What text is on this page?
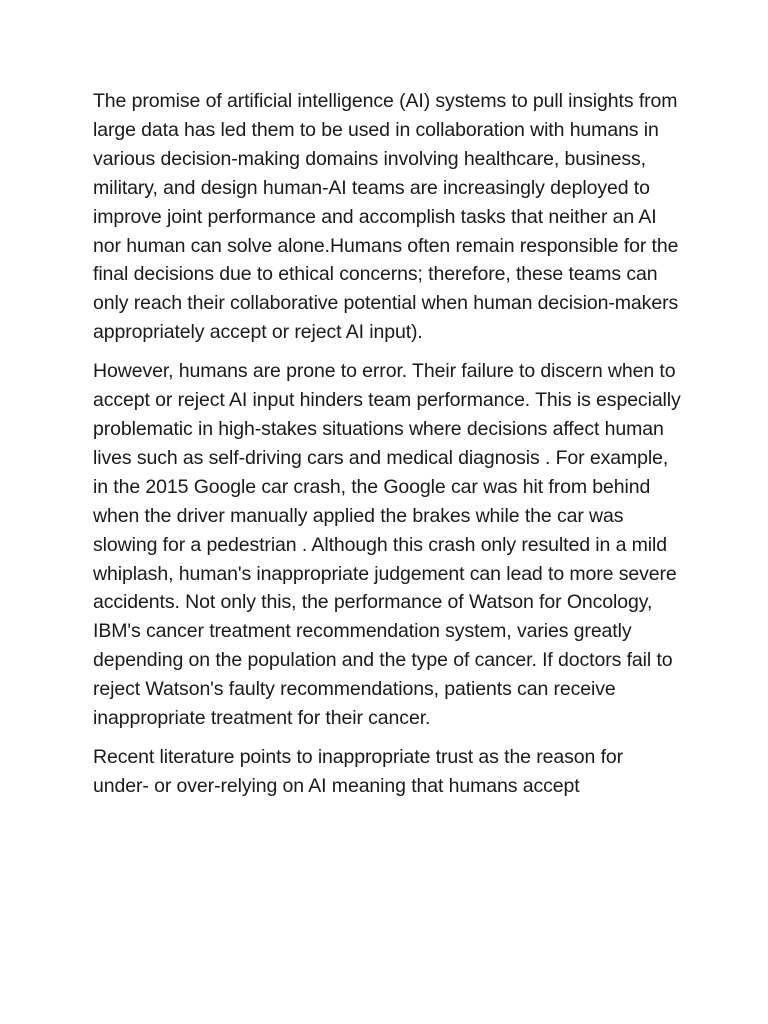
The promise of artificial intelligence (AI) systems to pull insights from large data has led them to be used in collaboration with humans in various decision-making domains involving healthcare, business, military, and design human-AI teams are increasingly deployed to improve joint performance and accomplish tasks that neither an AI nor human can solve alone.Humans often remain responsible for the final decisions due to ethical concerns; therefore, these teams can only reach their collaborative potential when human decision-makers appropriately accept or reject AI input).

However, humans are prone to error. Their failure to discern when to accept or reject AI input hinders team performance. This is especially problematic in high-stakes situations where decisions affect human lives such as self-driving cars and medical diagnosis . For example, in the 2015 Google car crash, the Google car was hit from behind when the driver manually applied the brakes while the car was slowing for a pedestrian . Although this crash only resulted in a mild whiplash, human's inappropriate judgement can lead to more severe accidents. Not only this, the performance of Watson for Oncology, IBM's cancer treatment recommendation system, varies greatly depending on the population and the type of cancer. If doctors fail to reject Watson's faulty recommendations, patients can receive inappropriate treatment for their cancer.

Recent literature points to inappropriate trust as the reason for under- or over-relying on AI meaning that humans accept
